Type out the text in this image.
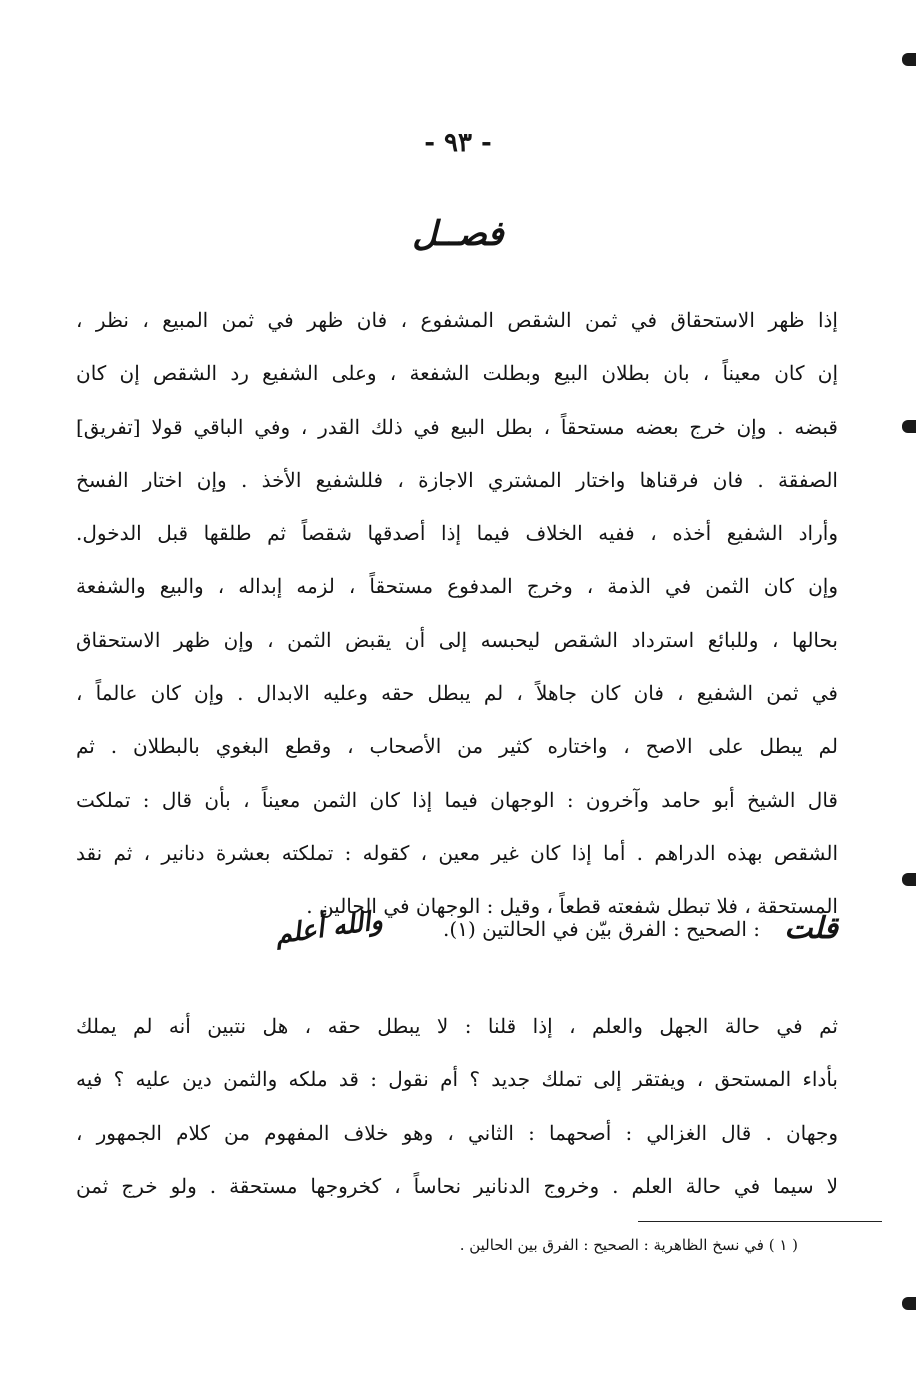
- ٩٣ -
فصــل
إذا ظهر الاستحقاق في ثمن الشقص المشفوع ، فان ظهر في ثمن المبيع ، نظر ،
إن كان معيناً ، بان بطلان البيع وبطلت الشفعة ، وعلى الشفيع رد الشقص إن كان
قبضه . وإن خرج بعضه مستحقاً ، بطل البيع في ذلك القدر ، وفي الباقي قولا [تفريق]
الصفقة . فان فرقناها واختار المشتري الاجازة ، فللشفيع الأخذ . وإن اختار الفسخ
وأراد الشفيع أخذه ، ففيه الخلاف فيما إذا أصدقها شقصاً ثم طلقها قبل الدخول.
وإن كان الثمن في الذمة ، وخرج المدفوع مستحقاً ، لزمه إبداله ، والبيع والشفعة
بحالها ، وللبائع استرداد الشقص ليحبسه إلى أن يقبض الثمن ، وإن ظهر الاستحقاق
في ثمن الشفيع ، فان كان جاهلاً ، لم يبطل حقه وعليه الابدال . وإن كان عالماً ،
لم يبطل على الاصح ، واختاره كثير من الأصحاب ، وقطع البغوي بالبطلان . ثم
قال الشيخ أبو حامد وآخرون : الوجهان فيما إذا كان الثمن معيناً ، بأن قال : تملكت
الشقص بهذه الدراهم . أما إذا كان غير معين ، كقوله : تملكته بعشرة دنانير ، ثم نقد
المستحقة ، فلا تبطل شفعته قطعاً ، وقيل : الوجهان في الحالين .
قلت
: الصحيح : الفرق بيّن في الحالتين (١).
والله أعلم
ثم في حالة الجهل والعلم ، إذا قلنا : لا يبطل حقه ، هل نتبين أنه لم يملك
بأداء المستحق ، ويفتقر إلى تملك جديد ؟ أم نقول : قد ملكه والثمن دين عليه ؟ فيه
وجهان . قال الغزالي : أصحهما : الثاني ، وهو خلاف المفهوم من كلام الجمهور ،
لا سيما في حالة العلم . وخروج الدنانير نحاساً ، كخروجها مستحقة . ولو خرج ثمن
( ١ ) في نسخ الظاهرية : الصحيح : الفرق بين الحالين .
